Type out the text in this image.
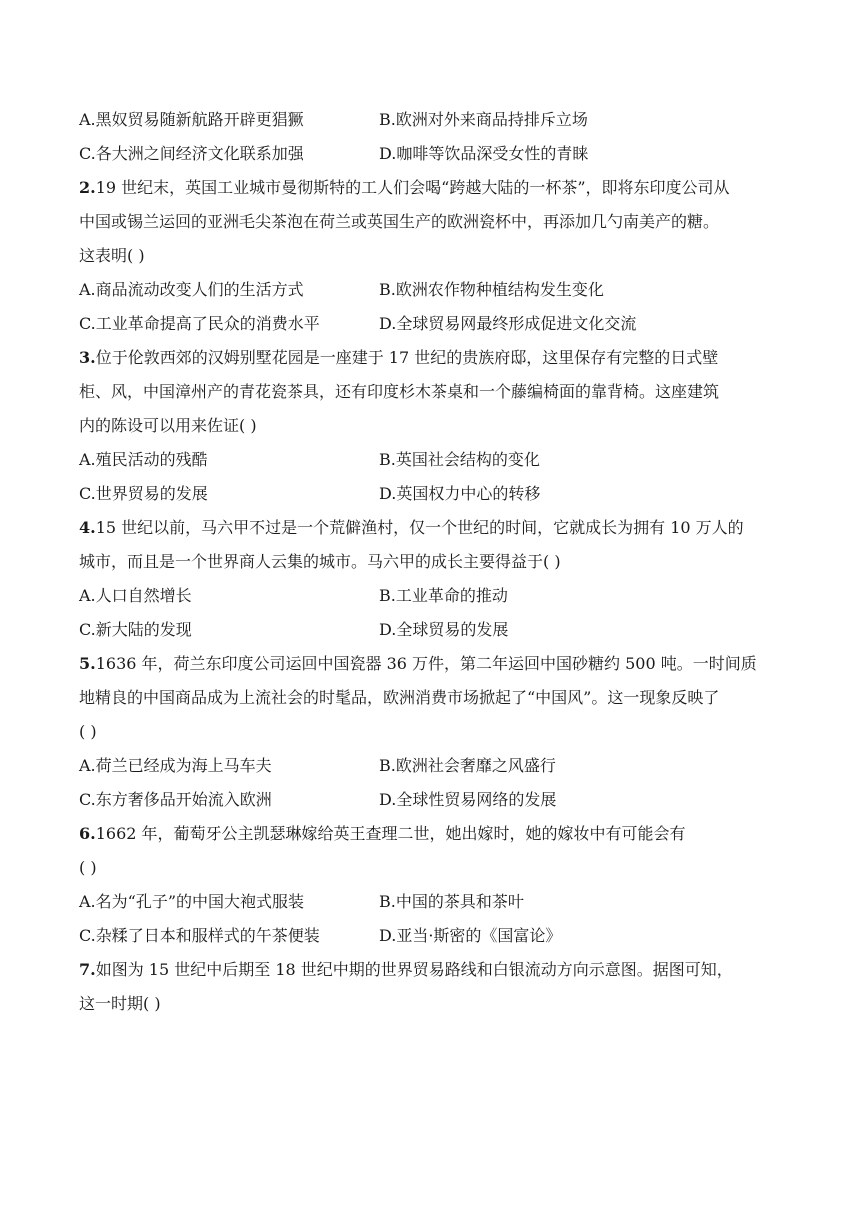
A.黑奴贸易随新航路开辟更猖獗	B.欧洲对外来商品持排斥立场
C.各大洲之间经济文化联系加强	D.咖啡等饮品深受女性的青睐
2.19 世纪末，英国工业城市曼彻斯特的工人们会喝“跨越大陆的一杯茶”，即将东印度公司从
中国或锡兰运回的亚洲毛尖茶泡在荷兰或英国生产的欧洲瓷杯中，再添加几勺南美产的糖。
这表明( )
A.商品流动改变人们的生活方式	B.欧洲农作物种植结构发生变化
C.工业革命提高了民众的消费水平	D.全球贸易网最终形成促进文化交流
3.位于伦敦西郊的汉姆别墅花园是一座建于 17 世纪的贵族府邸，这里保存有完整的日式壁
柜、风，中国漳州产的青花瓷茶具，还有印度杉木茶桌和一个藤编椅面的靠背椅。这座建筑
内的陈设可以用来佐证( )
A.殖民活动的残酷	B.英国社会结构的变化
C.世界贸易的发展	D.英国权力中心的转移
4.15 世纪以前，马六甲不过是一个荒僻渔村，仅一个世纪的时间，它就成长为拥有 10 万人的
城市，而且是一个世界商人云集的城市。马六甲的成长主要得益于( )
A.人口自然增长	B.工业革命的推动
C.新大陆的发现	D.全球贸易的发展
5.1636 年，荷兰东印度公司运回中国瓷器 36 万件，第二年运回中国砂糖约 500 吨。一时间质
地精良的中国商品成为上流社会的时髦品，欧洲消费市场掀起了“中国风”。这一现象反映了
( )
A.荷兰已经成为海上马车夫	B.欧洲社会奢靡之风盛行
C.东方奢侈品开始流入欧洲	D.全球性贸易网络的发展
6.1662 年，葡萄牙公主凯瑟琳嫁给英王查理二世，她出嫁时，她的嫁妆中有可能会有
( )
A.名为“孔子”的中国大袍式服装	B.中国的茶具和茶叶
C.杂糅了日本和服样式的午茶便装	D.亚当·斯密的《国富论》
7.如图为 15 世纪中后期至 18 世纪中期的世界贸易路线和白银流动方向示意图。据图可知，
这一时期( )
